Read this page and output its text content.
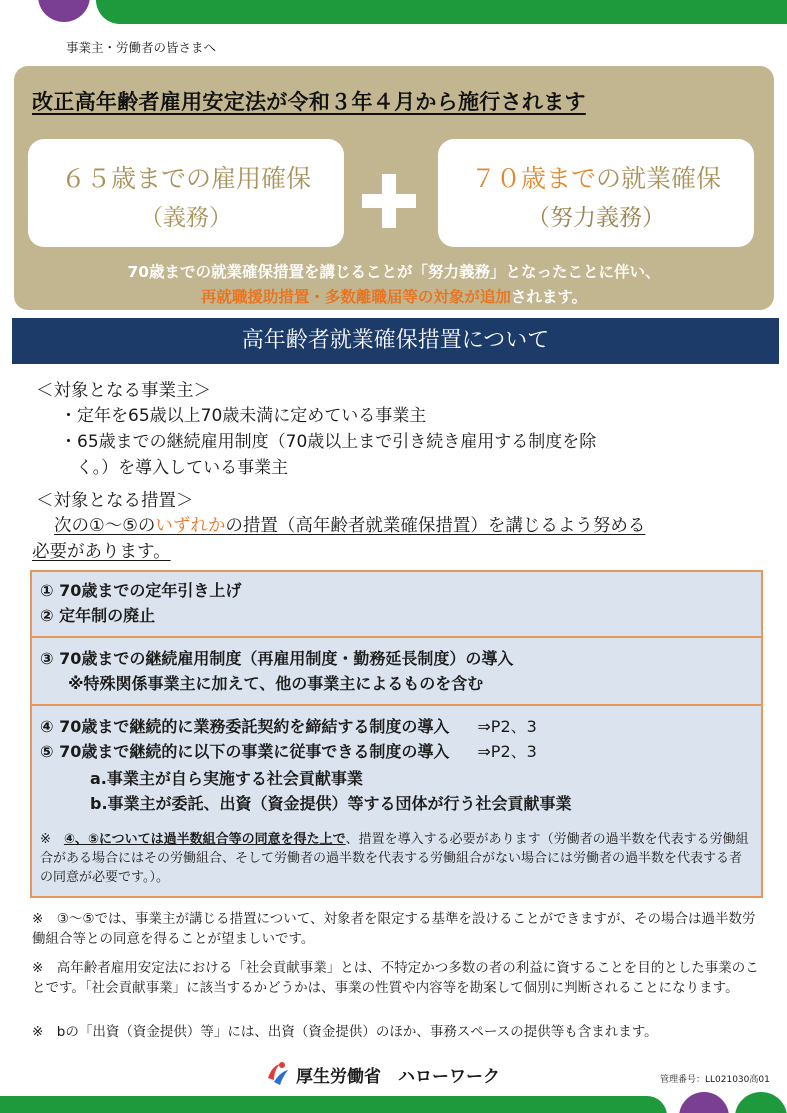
事業主・労働者の皆さまへ
改正高年齢者雇用安定法が令和３年４月から施行されます
６５歳までの雇用確保
（義務）
７０歳までの就業確保
（努力義務）
70歳までの就業確保措置を講じることが「努力義務」となったことに伴い、
再就職援助措置・多数離職届等の対象が追加されます。
高年齢者就業確保措置について
＜対象となる事業主＞
・定年を65歳以上70歳未満に定めている事業主
・65歳までの継続雇用制度（70歳以上まで引き続き雇用する制度を除
く。）を導入している事業主
＜対象となる措置＞
次の①～⑤のいずれかの措置（高年齢者就業確保措置）を講じるよう努める
必要があります。
① 70歳までの定年引き上げ
② 定年制の廃止
③ 70歳までの継続雇用制度（再雇用制度・勤務延長制度）の導入
※特殊関係事業主に加えて、他の事業主によるものを含む
④ 70歳まで継続的に業務委託契約を締結する制度の導入 ⇒P2、3
⑤ 70歳まで継続的に以下の事業に従事できる制度の導入 ⇒P2、3
a.事業主が自ら実施する社会貢献事業
b.事業主が委託、出資（資金提供）等する団体が行う社会貢献事業
※　④、⑤については過半数組合等の同意を得た上で、措置を導入する必要があります（労働者の過半数を代表する労働組合がある場合にはその労働組合、そして労働者の過半数を代表する労働組合がない場合には労働者の過半数を代表する者の同意が必要です。）。
※　③～⑤では、事業主が講じる措置について、対象者を限定する基準を設けることができますが、その場合は過半数労働組合等との同意を得ることが望ましいです。
※　高年齢者雇用安定法における「社会貢献事業」とは、不特定かつ多数の者の利益に資することを目的とした事業のことです。「社会貢献事業」に該当するかどうかは、事業の性質や内容等を勘案して個別に判断されることになります。
※　bの「出資（資金提供）等」には、出資（資金提供）のほか、事務スペースの提供等も含まれます。
厚生労働省　ハローワーク	管理番号：LL021030高01
